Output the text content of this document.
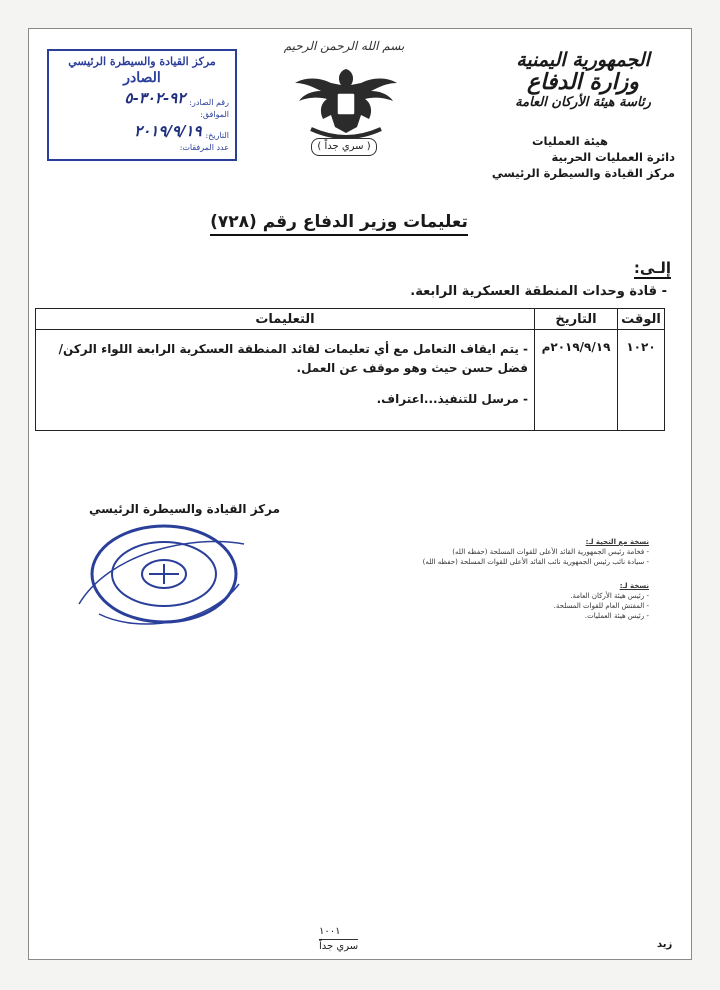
مركز القيادة والسيطرة الرئيسي
الصادر
رقم الصادر:
٩٢-٣٠٢-٥
الموافق:
التاريخ:
٢٠١٩/٩/١٩
عدد المرفقات:
بسم الله الرحمن الرحيم
( سري جداً )
الجمهورية اليمنية
وزارة الدفاع
رئاسة هيئة الأركان العامة
هيئة العمليات
دائرة العمليات الحربية
مركز القيادة والسيطرة الرئيسي
تعليمات وزير الدفاع رقم (٧٢٨)
إلـى:
- قادة وحدات المنطقة العسكرية الرابعة.
الوقت	التاريخ	التعليمات
١٠٢٠	٢٠١٩/٩/١٩م	- يتم ايقاف التعامل مع أي تعليمات لقائد المنطقة العسكرية الرابعة اللواء الركن/فضل حسن حيث وهو موقف عن العمل.

- مرسل للتنفيذ...اعتراف.

مركز القيادة والسيطرة الرئيسي
نسخة مع التحية لـ:
- فخامة رئيس الجمهورية القائد الأعلى للقوات المسلحة (حفظه الله)
- سيادة نائب رئيس الجمهورية نائب القائد الأعلى للقوات المسلحة (حفظه الله)
نسخة لـ:
- رئيس هيئة الأركان العامة.
- المفتش العام للقوات المسلحة.
- رئيس هيئة العمليات.
١٠٠١
سري جداً	زيد
